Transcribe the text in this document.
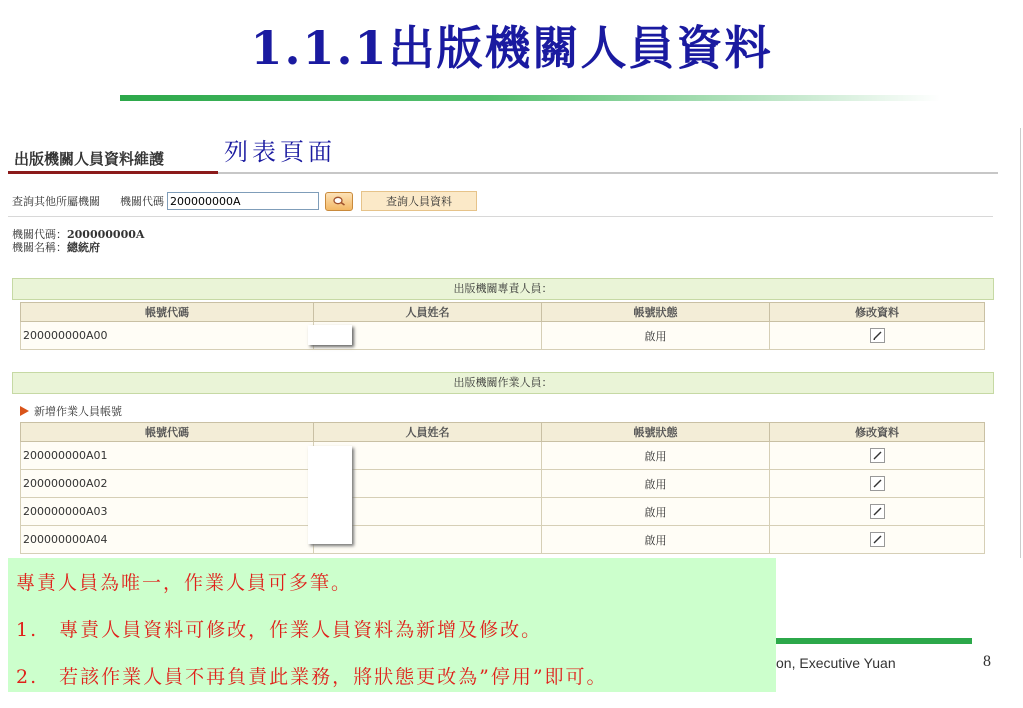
1.1.1出版機關人員資料
出版機關人員資料維護
查詢其他所屬機關 機關代碼
200000000A	查詢人員資料
機關代碼：200000000A
機關名稱：總統府
出版機關專責人員：
帳號代碼	人員姓名	帳號狀態	修改資料
200000000A00		啟用	
出版機關作業人員：
新增作業人員帳號
帳號代碼	人員姓名	帳號狀態	修改資料
200000000A01		啟用	
200000000A02		啟用	
200000000A03		啟用	
200000000A04		啟用	
列表頁面

專責人員為唯一，作業人員可多筆。

1.　專責人員資料可修改，作業人員資料為新增及修改。

2.　若該作業人員不再負責此業務，將狀態更改為”停用”即可。

on, Executive Yuan	8
